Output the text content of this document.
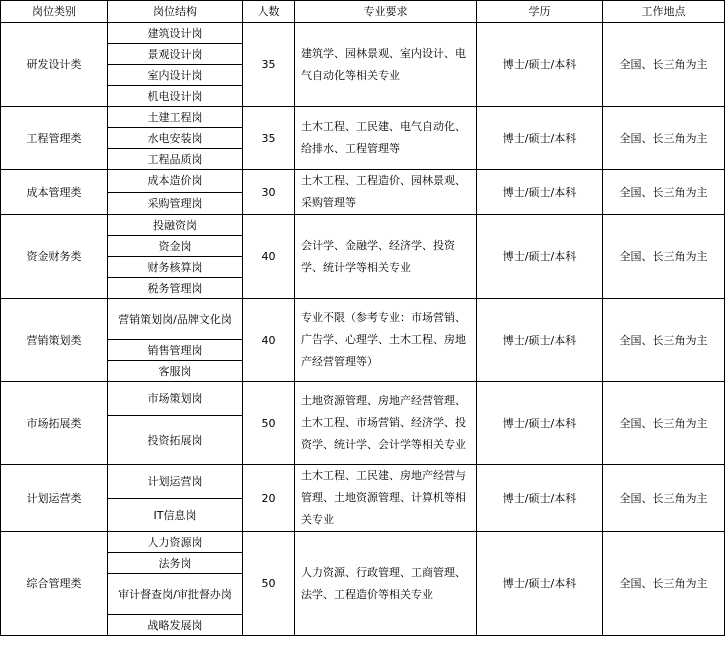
岗位类别	岗位结构	人数	专业要求	学历	工作地点
研发设计类	建筑设计岗	35	建筑学、园林景观、室内设计、电气自动化等相关专业	博士/硕士/本科	全国、长三角为主
	景观设计岗				
	室内设计岗				
	机电设计岗				
工程管理类	土建工程岗	35	土木工程、工民建、电气自动化、给排水、工程管理等	博士/硕士/本科	全国、长三角为主
	水电安装岗				
	工程品质岗				
成本管理类	成本造价岗	30	土木工程、工程造价、园林景观、采购管理等	博士/硕士/本科	全国、长三角为主
	采购管理岗				
资金财务类	投融资岗	40	会计学、金融学、经济学、投资学、统计学等相关专业	博士/硕士/本科	全国、长三角为主
	资金岗				
	财务核算岗				
	税务管理岗				
营销策划类	营销策划岗/品牌文化岗	40	专业不限（参考专业：市场营销、广告学、心理学、土木工程、房地产经营管理等）	博士/硕士/本科	全国、长三角为主
	销售管理岗				
	客服岗				
市场拓展类	市场策划岗	50	土地资源管理、房地产经营管理、土木工程、市场营销、经济学、投资学、统计学、会计学等相关专业	博士/硕士/本科	全国、长三角为主
	投资拓展岗				
计划运营类	计划运营岗	20	土木工程、工民建、房地产经营与管理、土地资源管理、计算机等相关专业	博士/硕士/本科	全国、长三角为主
	IT信息岗				
综合管理类	人力资源岗	50	人力资源、行政管理、工商管理、法学、工程造价等相关专业	博士/硕士/本科	全国、长三角为主
	法务岗				
	审计督查岗/审批督办岗				
	战略发展岗				
